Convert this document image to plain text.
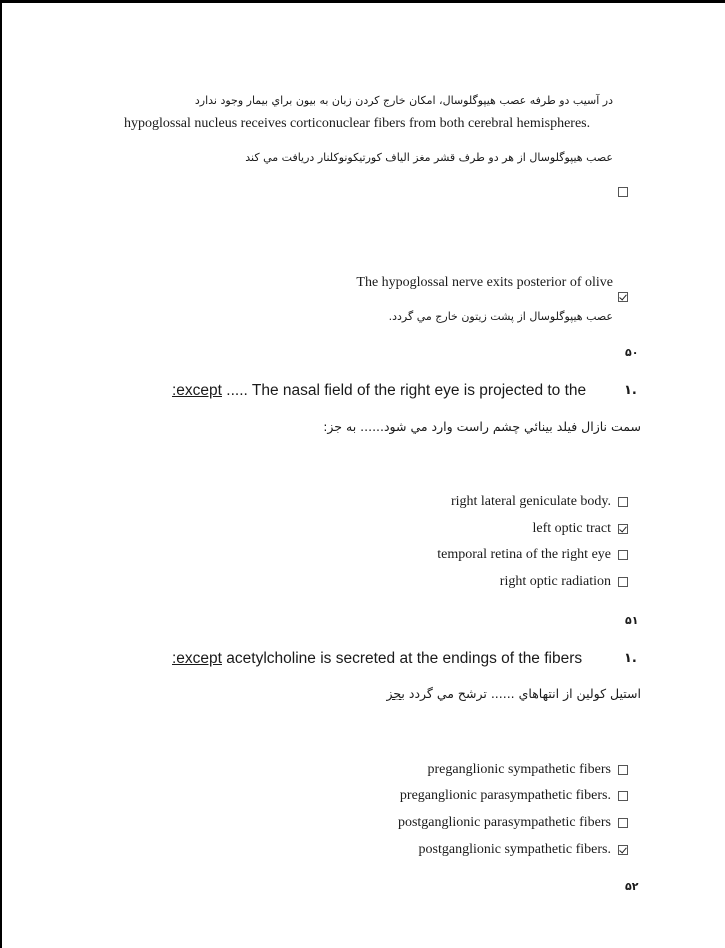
در آسیب دو طرفه عصب هیپوگلوسال، امکان خارج کردن زبان به بیون براي بیمار وجود ندارد
hypoglossal nucleus receives corticonuclear fibers from both cerebral hemispheres.
عصب هیپوگلوسال از هر دو طرف قشر مغز الیاف کورتیکونوکلنار دریافت مي کند
The hypoglossal nerve exits posterior of olive
عصب هیپوگلوسال از پشت زیتون خارج مي گردد.
۵۰
:except ..... The nasal field of the right eye is projected to the	۱.
سمت نازال فیلد بینائي چشم راست وارد مي شود...... به جز:
right lateral geniculate body.
left optic tract
temporal retina of the right eye
right optic radiation
۵۱
:except acetylcholine is secreted at the endings of the fibers	۱.
استیل کولین از انتهاهاي ...... ترشح مي گردد بجز
preganglionic sympathetic fibers
preganglionic parasympathetic fibers.
postganglionic parasympathetic fibers
postganglionic sympathetic fibers.
۵۲
